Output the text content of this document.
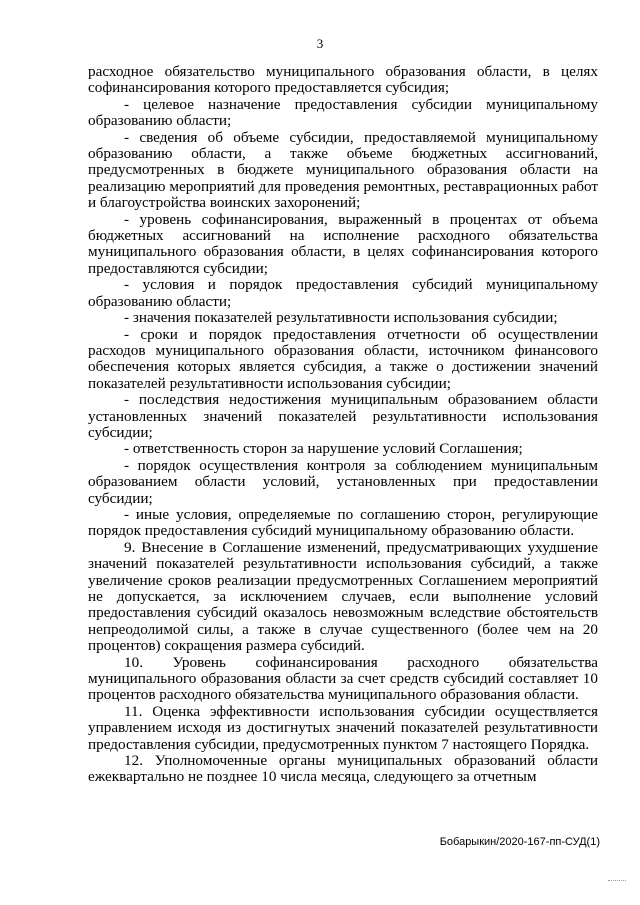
3

расходное обязательство муниципального образования области, в целях софинансирования которого предоставляется субсидия;

- целевое назначение предоставления субсидии муниципальному образованию области;

- сведения об объеме субсидии, предоставляемой муниципальному образованию области, а также объеме бюджетных ассигнований, предусмотренных в бюджете муниципального образования области на реализацию мероприятий для проведения ремонтных, реставрационных работ и благоустройства воинских захоронений;

- уровень софинансирования, выраженный в процентах от объема бюджетных ассигнований на исполнение расходного обязательства муниципального образования области, в целях софинансирования которого предоставляются субсидии;

- условия и порядок предоставления субсидий муниципальному образованию области;

- значения показателей результативности использования субсидии;

- сроки и порядок предоставления отчетности об осуществлении расходов муниципального образования области, источником финансового обеспечения которых является субсидия, а также о достижении значений показателей результативности использования субсидии;

- последствия недостижения муниципальным образованием области установленных значений показателей результативности использования субсидии;

- ответственность сторон за нарушение условий Соглашения;

- порядок осуществления контроля за соблюдением муниципальным образованием области условий, установленных при предоставлении субсидии;

- иные условия, определяемые по соглашению сторон, регулирующие порядок предоставления субсидий муниципальному образованию области.

9. Внесение в Соглашение изменений, предусматривающих ухудшение значений показателей результативности использования субсидий, а также увеличение сроков реализации предусмотренных Соглашением мероприятий не допускается, за исключением случаев, если выполнение условий предоставления субсидий оказалось невозможным вследствие обстоятельств непреодолимой силы, а также в случае существенного (более чем на 20 процентов) сокращения размера субсидий.

10. Уровень софинансирования расходного обязательства муниципального образования области за счет средств субсидий составляет 10 процентов расходного обязательства муниципального образования области.

11. Оценка эффективности использования субсидии осуществляется управлением исходя из достигнутых значений показателей результативности предоставления субсидии, предусмотренных пунктом 7 настоящего Порядка.

12. Уполномоченные органы муниципальных образований области ежеквартально не позднее 10 числа месяца, следующего за отчетным

Бобарыкин/2020-167-пп-СУД(1)
